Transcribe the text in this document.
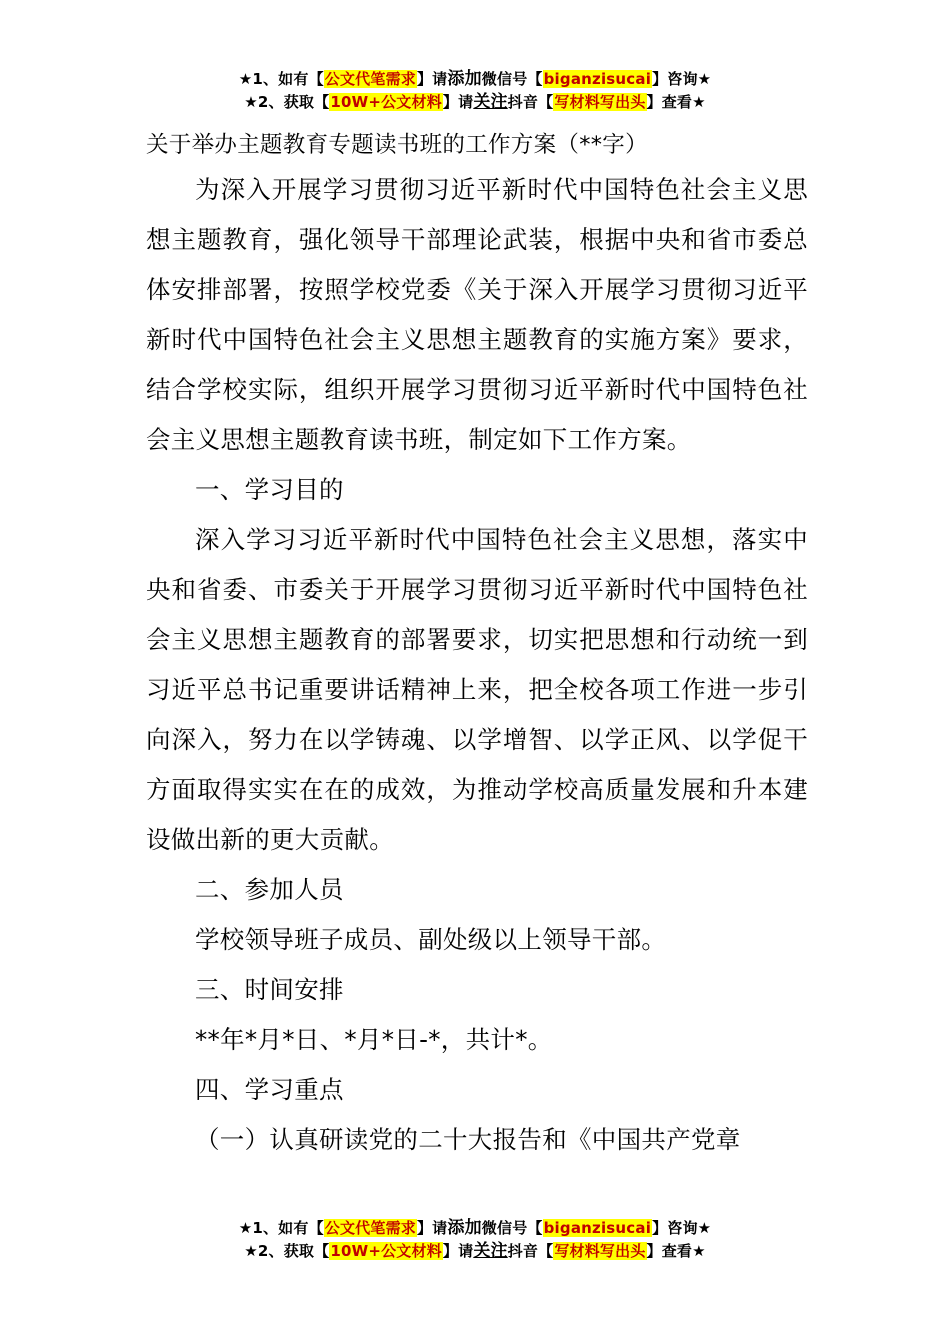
★1、如有【公文代笔需求】请添加微信号【biganzisucai】咨询★
★2、获取【10W+公文材料】请关注抖音【写材料写出头】查看★

关于举办主题教育专题读书班的工作方案（**字）

为深入开展学习贯彻习近平新时代中国特色社会主义思想主题教育，强化领导干部理论武装，根据中央和省市委总体安排部署，按照学校党委《关于深入开展学习贯彻习近平新时代中国特色社会主义思想主题教育的实施方案》要求，结合学校实际，组织开展学习贯彻习近平新时代中国特色社会主义思想主题教育读书班，制定如下工作方案。

一、学习目的

深入学习习近平新时代中国特色社会主义思想，落实中央和省委、市委关于开展学习贯彻习近平新时代中国特色社会主义思想主题教育的部署要求，切实把思想和行动统一到习近平总书记重要讲话精神上来，把全校各项工作进一步引向深入，努力在以学铸魂、以学增智、以学正风、以学促干方面取得实实在在的成效，为推动学校高质量发展和升本建设做出新的更大贡献。

二、参加人员

学校领导班子成员、副处级以上领导干部。

三、时间安排

**年*月*日、*月*日-*，共计*。

四、学习重点

（一）认真研读党的二十大报告和《中国共产党章

★1、如有【公文代笔需求】请添加微信号【biganzisucai】咨询★
★2、获取【10W+公文材料】请关注抖音【写材料写出头】查看★
